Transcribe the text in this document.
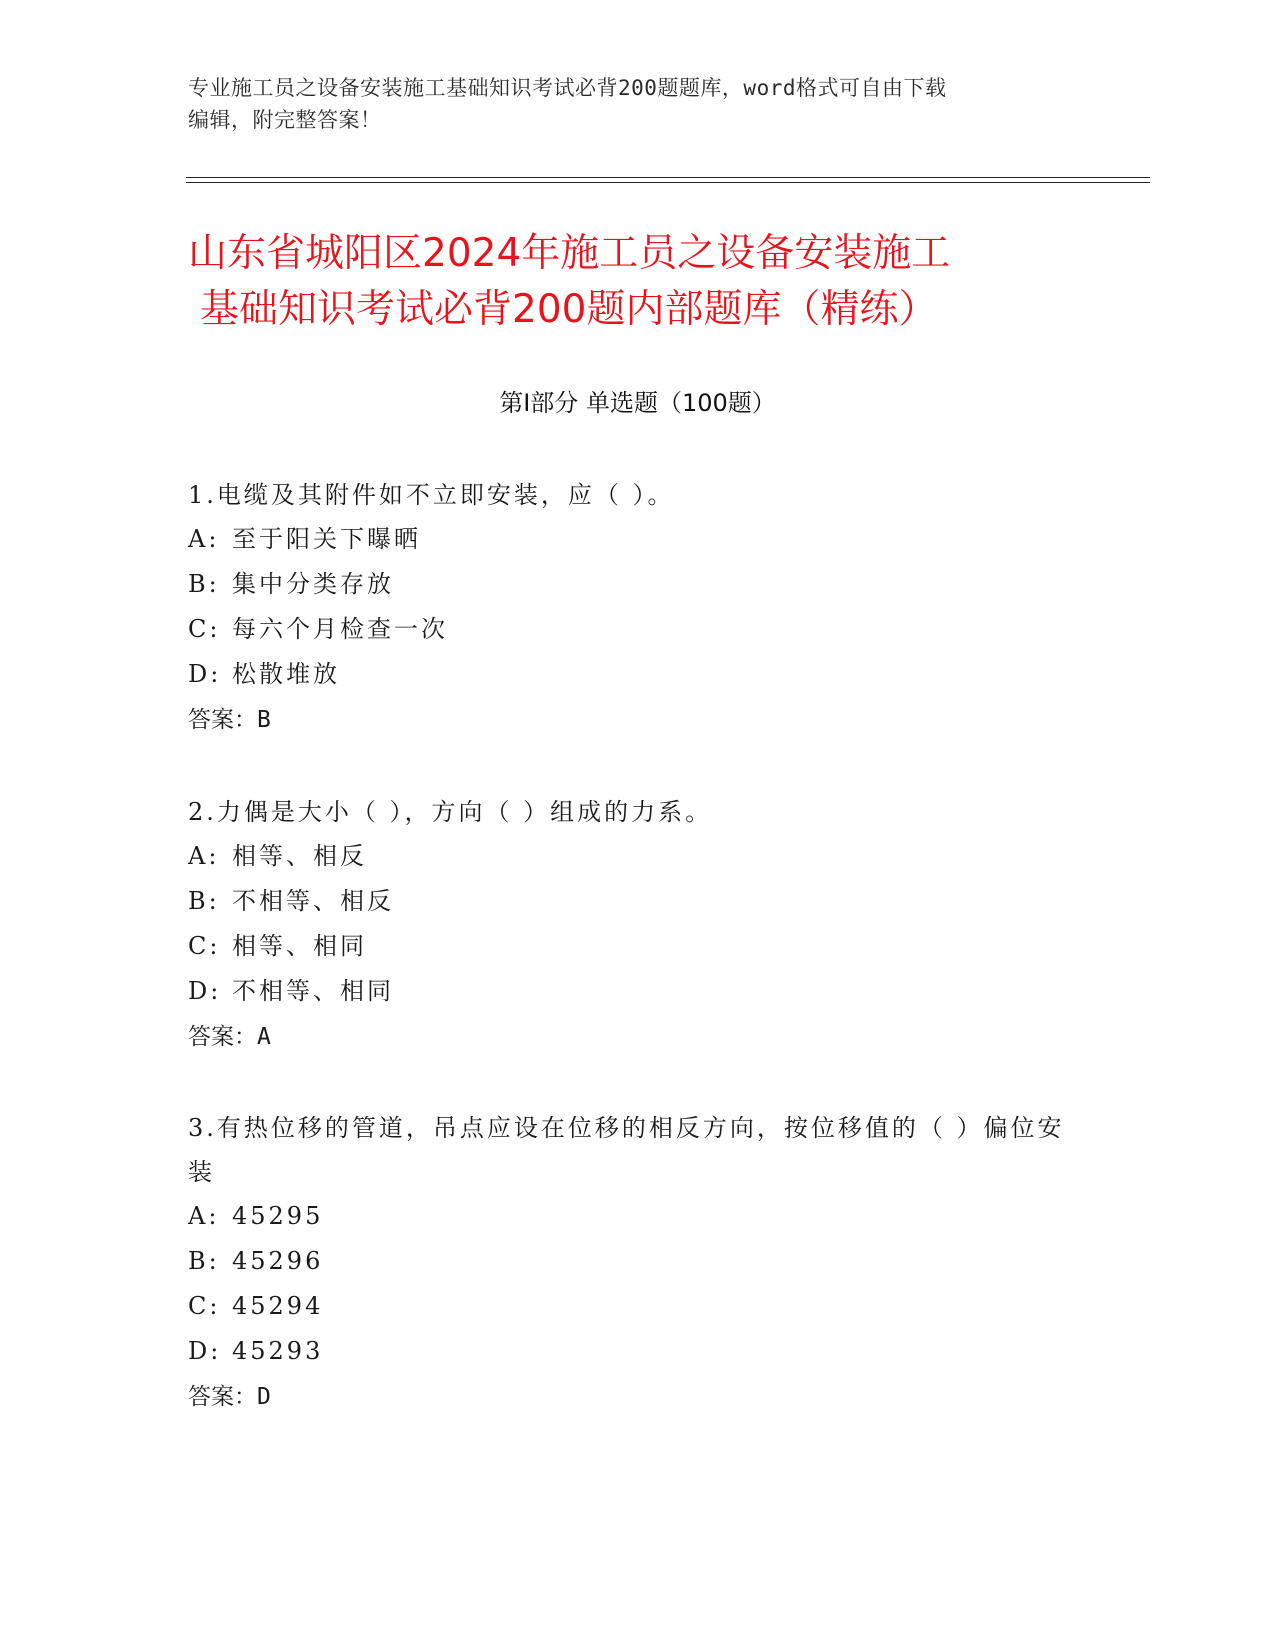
专业施工员之设备安装施工基础知识考试必背200题题库，word格式可自由下载
编辑，附完整答案！
山东省城阳区2024年施工员之设备安装施工
基础知识考试必背200题内部题库（精练）
第Ⅰ部分 单选题（100题）
1.电缆及其附件如不立即安装，应（ ）。
A: 至于阳关下曝晒
B: 集中分类存放
C: 每六个月检查一次
D: 松散堆放
答案：B
2.力偶是大小（ ），方向（ ）组成的力系。
A: 相等、相反
B: 不相等、相反
C: 相等、相同
D: 不相等、相同
答案：A
3.有热位移的管道，吊点应设在位移的相反方向，按位移值的（ ）偏位安装
A: 45295
B: 45296
C: 45294
D: 45293
答案：D
